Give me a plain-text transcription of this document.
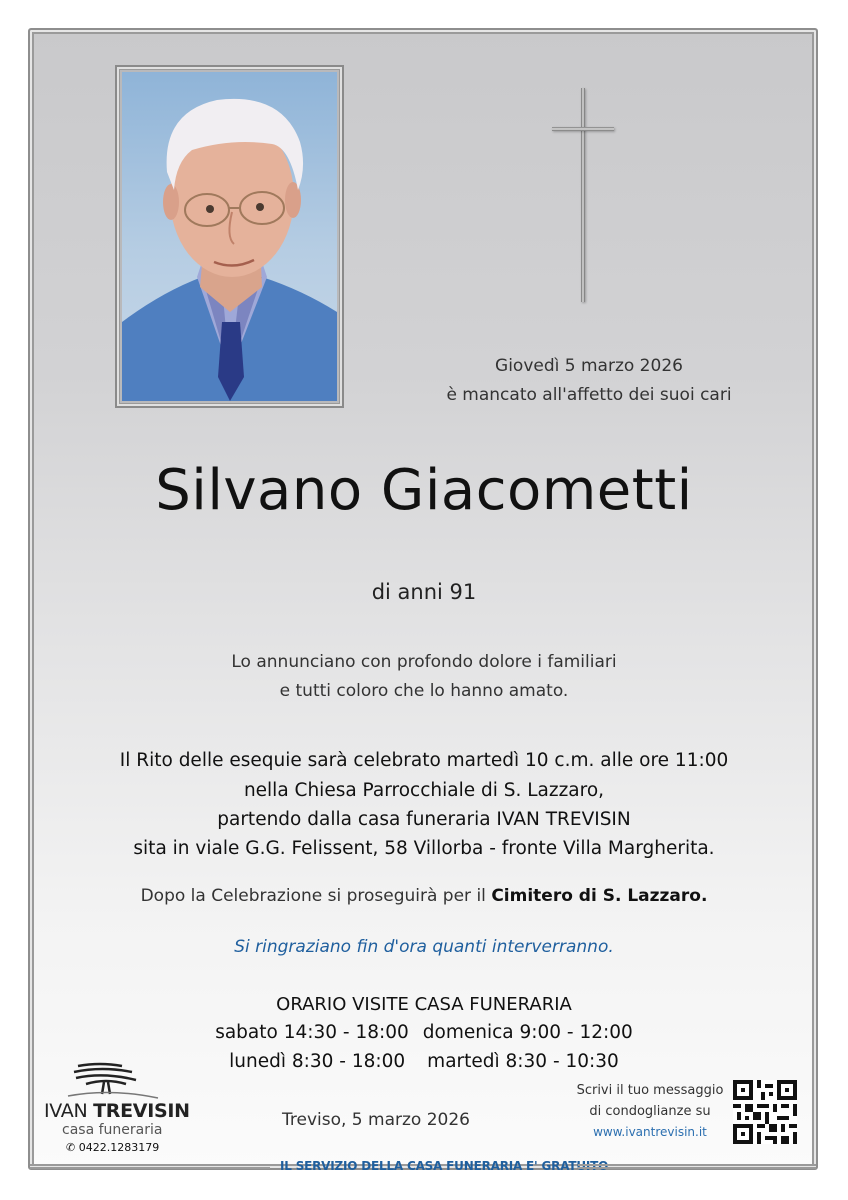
Giovedì 5 marzo 2026
è mancato all'affetto dei suoi cari
Silvano Giacometti
di anni 91
Lo annunciano con profondo dolore i familiari
e tutti coloro che lo hanno amato.
Il Rito delle esequie sarà celebrato martedì 10 c.m. alle ore 11:00
nella Chiesa Parrocchiale di S. Lazzaro,
partendo dalla casa funeraria IVAN TREVISIN
sita in viale G.G. Felissent, 58 Villorba - fronte Villa Margherita.
Dopo la Celebrazione si proseguirà per il Cimitero di S. Lazzaro.
Si ringraziano fin d'ora quanti interverranno.
ORARIO VISITE CASA FUNERARIA
sabato 14:30 - 18:00 domenica 9:00 - 12:00
lunedì 8:30 - 18:00 martedì 8:30 - 10:30
IVAN TREVISIN
casa funeraria
✆ 0422.1283179
Treviso, 5 marzo 2026
Scrivi il tuo messaggio
di condoglianze su
www.ivantrevisin.it
IL SERVIZIO DELLA CASA FUNERARIA E' GRATUITO
